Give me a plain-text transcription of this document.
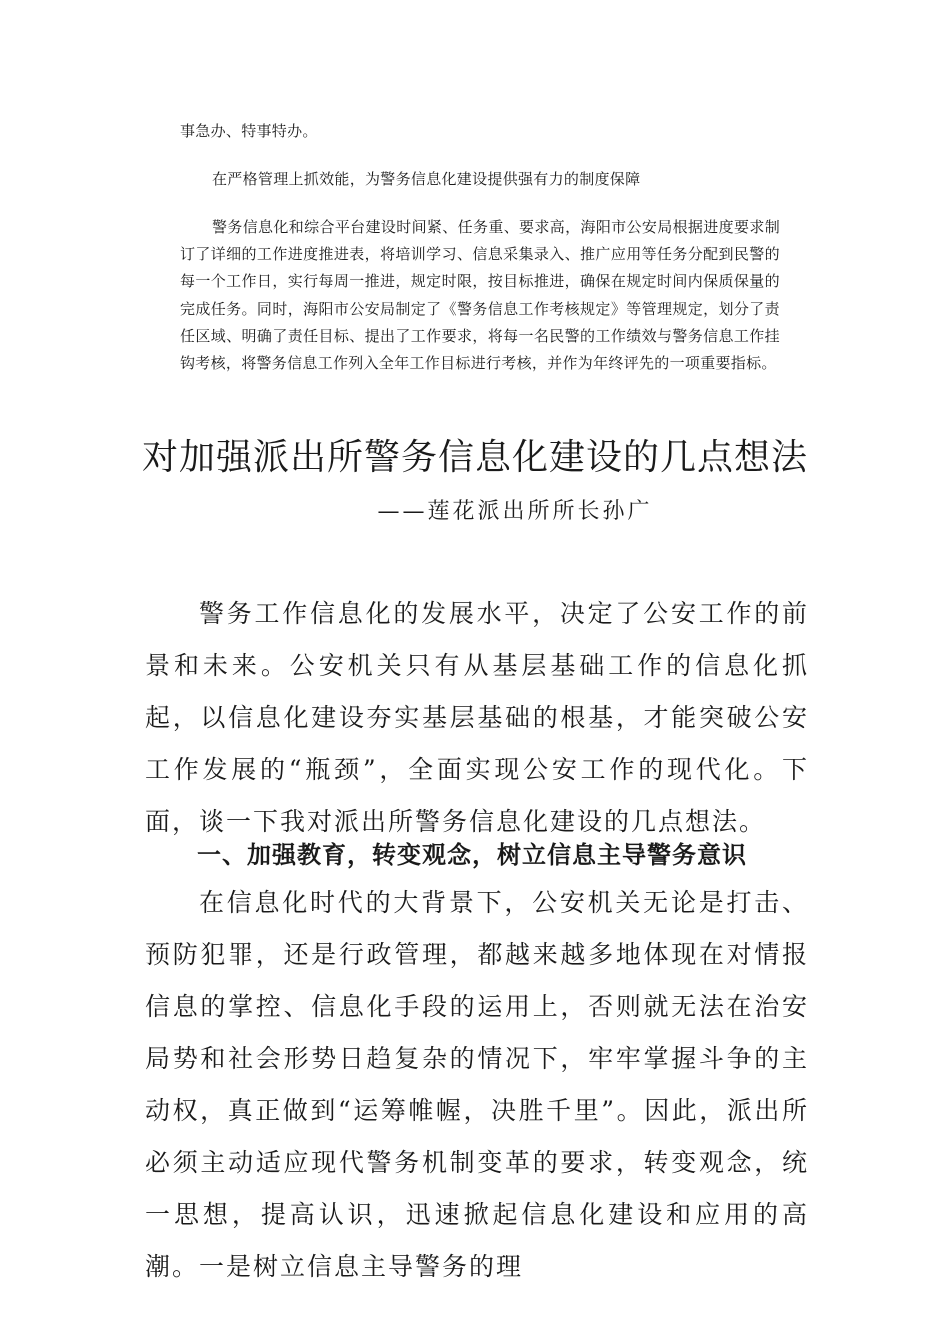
事急办、特事特办。

在严格管理上抓效能，为警务信息化建设提供强有力的制度保障

警务信息化和综合平台建设时间紧、任务重、要求高，海阳市公安局根据进度要求制订了详细的工作进度推进表，将培训学习、信息采集录入、推广应用等任务分配到民警的每一个工作日，实行每周一推进，规定时限，按目标推进，确保在规定时间内保质保量的完成任务。同时，海阳市公安局制定了《警务信息工作考核规定》等管理规定，划分了责任区域、明确了责任目标、提出了工作要求，将每一名民警的工作绩效与警务信息工作挂钩考核，将警务信息工作列入全年工作目标进行考核，并作为年终评先的一项重要指标。

对加强派出所警务信息化建设的几点想法

——莲花派出所所长孙广

警务工作信息化的发展水平，决定了公安工作的前景和未来。公安机关只有从基层基础工作的信息化抓起，以信息化建设夯实基层基础的根基，才能突破公安工作发展的“瓶颈”，全面实现公安工作的现代化。下面，谈一下我对派出所警务信息化建设的几点想法。

一、加强教育，转变观念，树立信息主导警务意识

在信息化时代的大背景下，公安机关无论是打击、预防犯罪，还是行政管理，都越来越多地体现在对情报信息的掌控、信息化手段的运用上，否则就无法在治安局势和社会形势日趋复杂的情况下，牢牢掌握斗争的主动权，真正做到“运筹帷幄，决胜千里”。因此，派出所必须主动适应现代警务机制变革的要求，转变观念，统一思想，提高认识，迅速掀起信息化建设和应用的高潮。一是树立信息主导警务的理
